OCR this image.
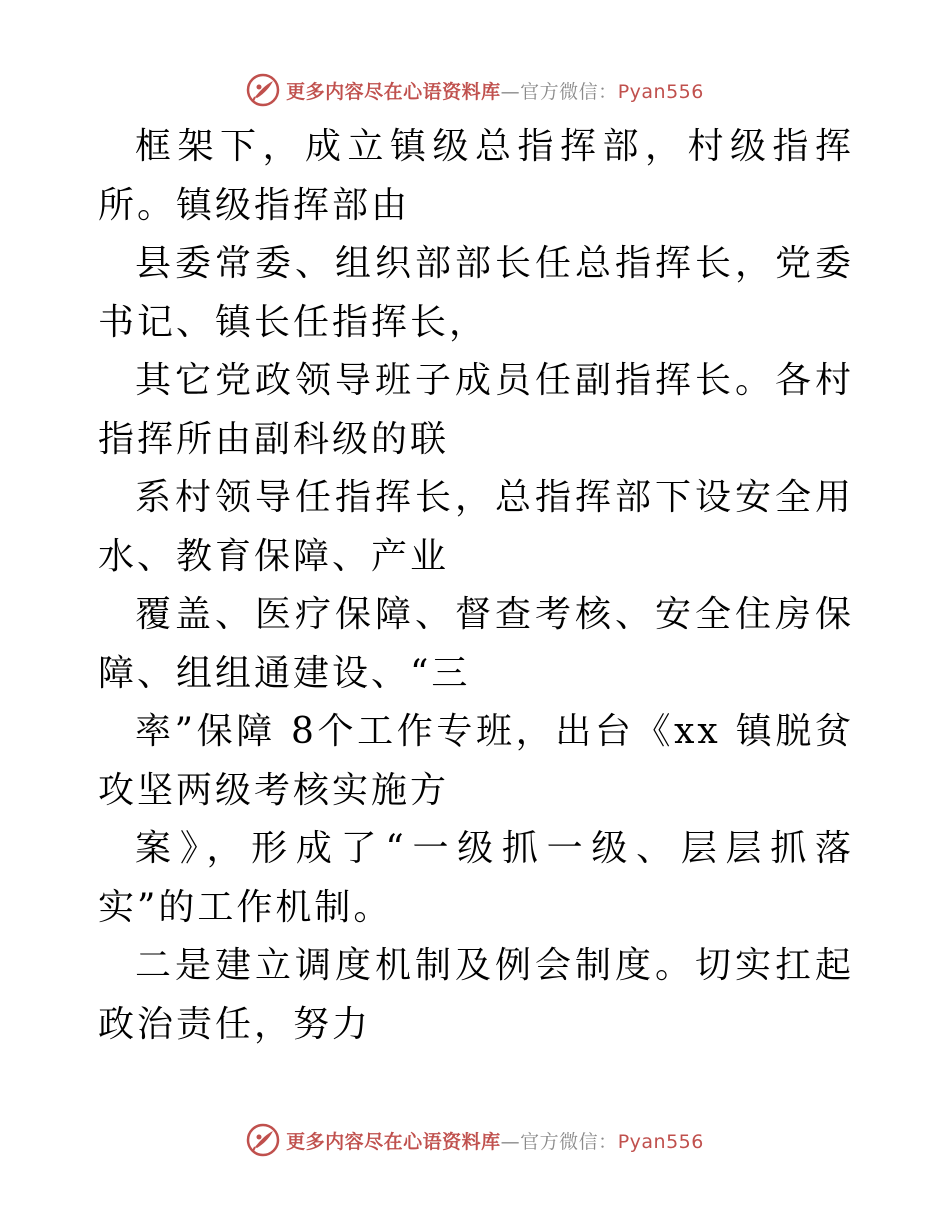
更多内容尽在心语资料库—官方微信：Pyan556

框架下，成立镇级总指挥部，村级指挥所。镇级指挥部由

县委常委、组织部部长任总指挥长，党委书记、镇长任指挥长，

其它党政领导班子成员任副指挥长。各村指挥所由副科级的联

系村领导任指挥长，总指挥部下设安全用水、教育保障、产业

覆盖、医疗保障、督查考核、安全住房保障、组组通建设、“三

率”保障 8个工作专班，出台《xx 镇脱贫攻坚两级考核实施方

案》，形成了“一级抓一级、层层抓落实”的工作机制。

二是建立调度机制及例会制度。切实扛起政治责任，努力

更多内容尽在心语资料库—官方微信：Pyan556
